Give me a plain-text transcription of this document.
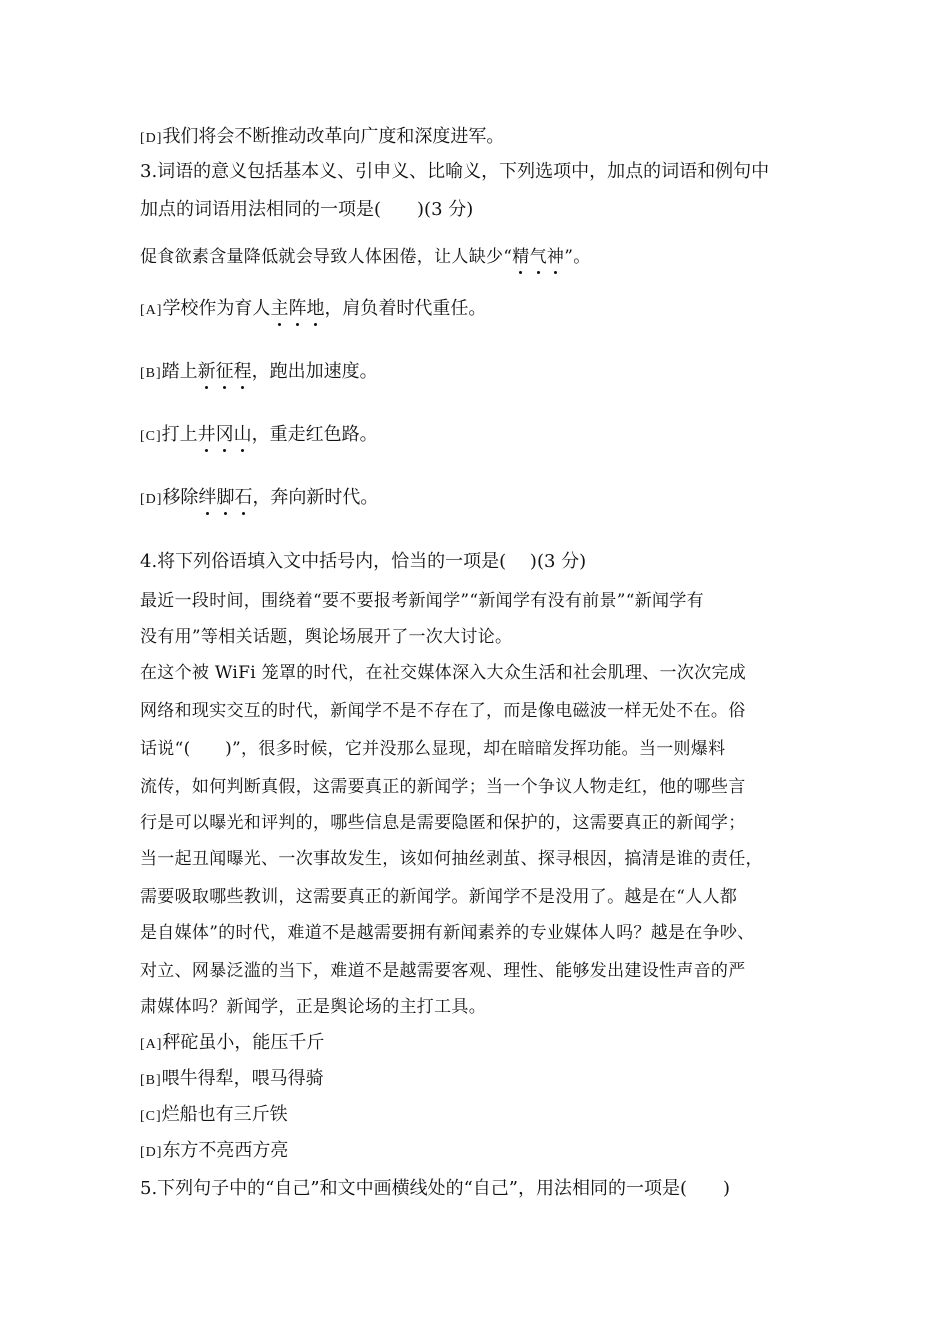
[D]我们将会不断推动改革向广度和深度进军。
3.词语的意义包括基本义、引申义、比喻义，下列选项中，加点的词语和例句中
加点的词语用法相同的一项是(　　)(3 分)
促食欲素含量降低就会导致人体困倦，让人缺少“精气神”。
[A]学校作为育人主阵地，肩负着时代重任。
[B]踏上新征程，跑出加速度。
[C]打上井冈山，重走红色路。
[D]移除绊脚石，奔向新时代。
4.将下列俗语填入文中括号内，恰当的一项是(　 )(3 分)
最近一段时间，围绕着“要不要报考新闻学”“新闻学有没有前景”“新闻学有
没有用”等相关话题，舆论场展开了一次大讨论。
在这个被 WiFi 笼罩的时代，在社交媒体深入大众生活和社会肌理、一次次完成
网络和现实交互的时代，新闻学不是不存在了，而是像电磁波一样无处不在。俗
话说“(　　)”，很多时候，它并没那么显现，却在暗暗发挥功能。当一则爆料
流传，如何判断真假，这需要真正的新闻学；当一个争议人物走红，他的哪些言
行是可以曝光和评判的，哪些信息是需要隐匿和保护的，这需要真正的新闻学；
当一起丑闻曝光、一次事故发生，该如何抽丝剥茧、探寻根因，搞清是谁的责任，
需要吸取哪些教训，这需要真正的新闻学。新闻学不是没用了。越是在“人人都
是自媒体”的时代，难道不是越需要拥有新闻素养的专业媒体人吗？越是在争吵、
对立、网暴泛滥的当下，难道不是越需要客观、理性、能够发出建设性声音的严
肃媒体吗？新闻学，正是舆论场的主打工具。
[A]秤砣虽小，能压千斤
[B]喂牛得犁，喂马得骑
[C]烂船也有三斤铁
[D]东方不亮西方亮
5.下列句子中的“自己”和文中画横线处的“自己”，用法相同的一项是(　　)
